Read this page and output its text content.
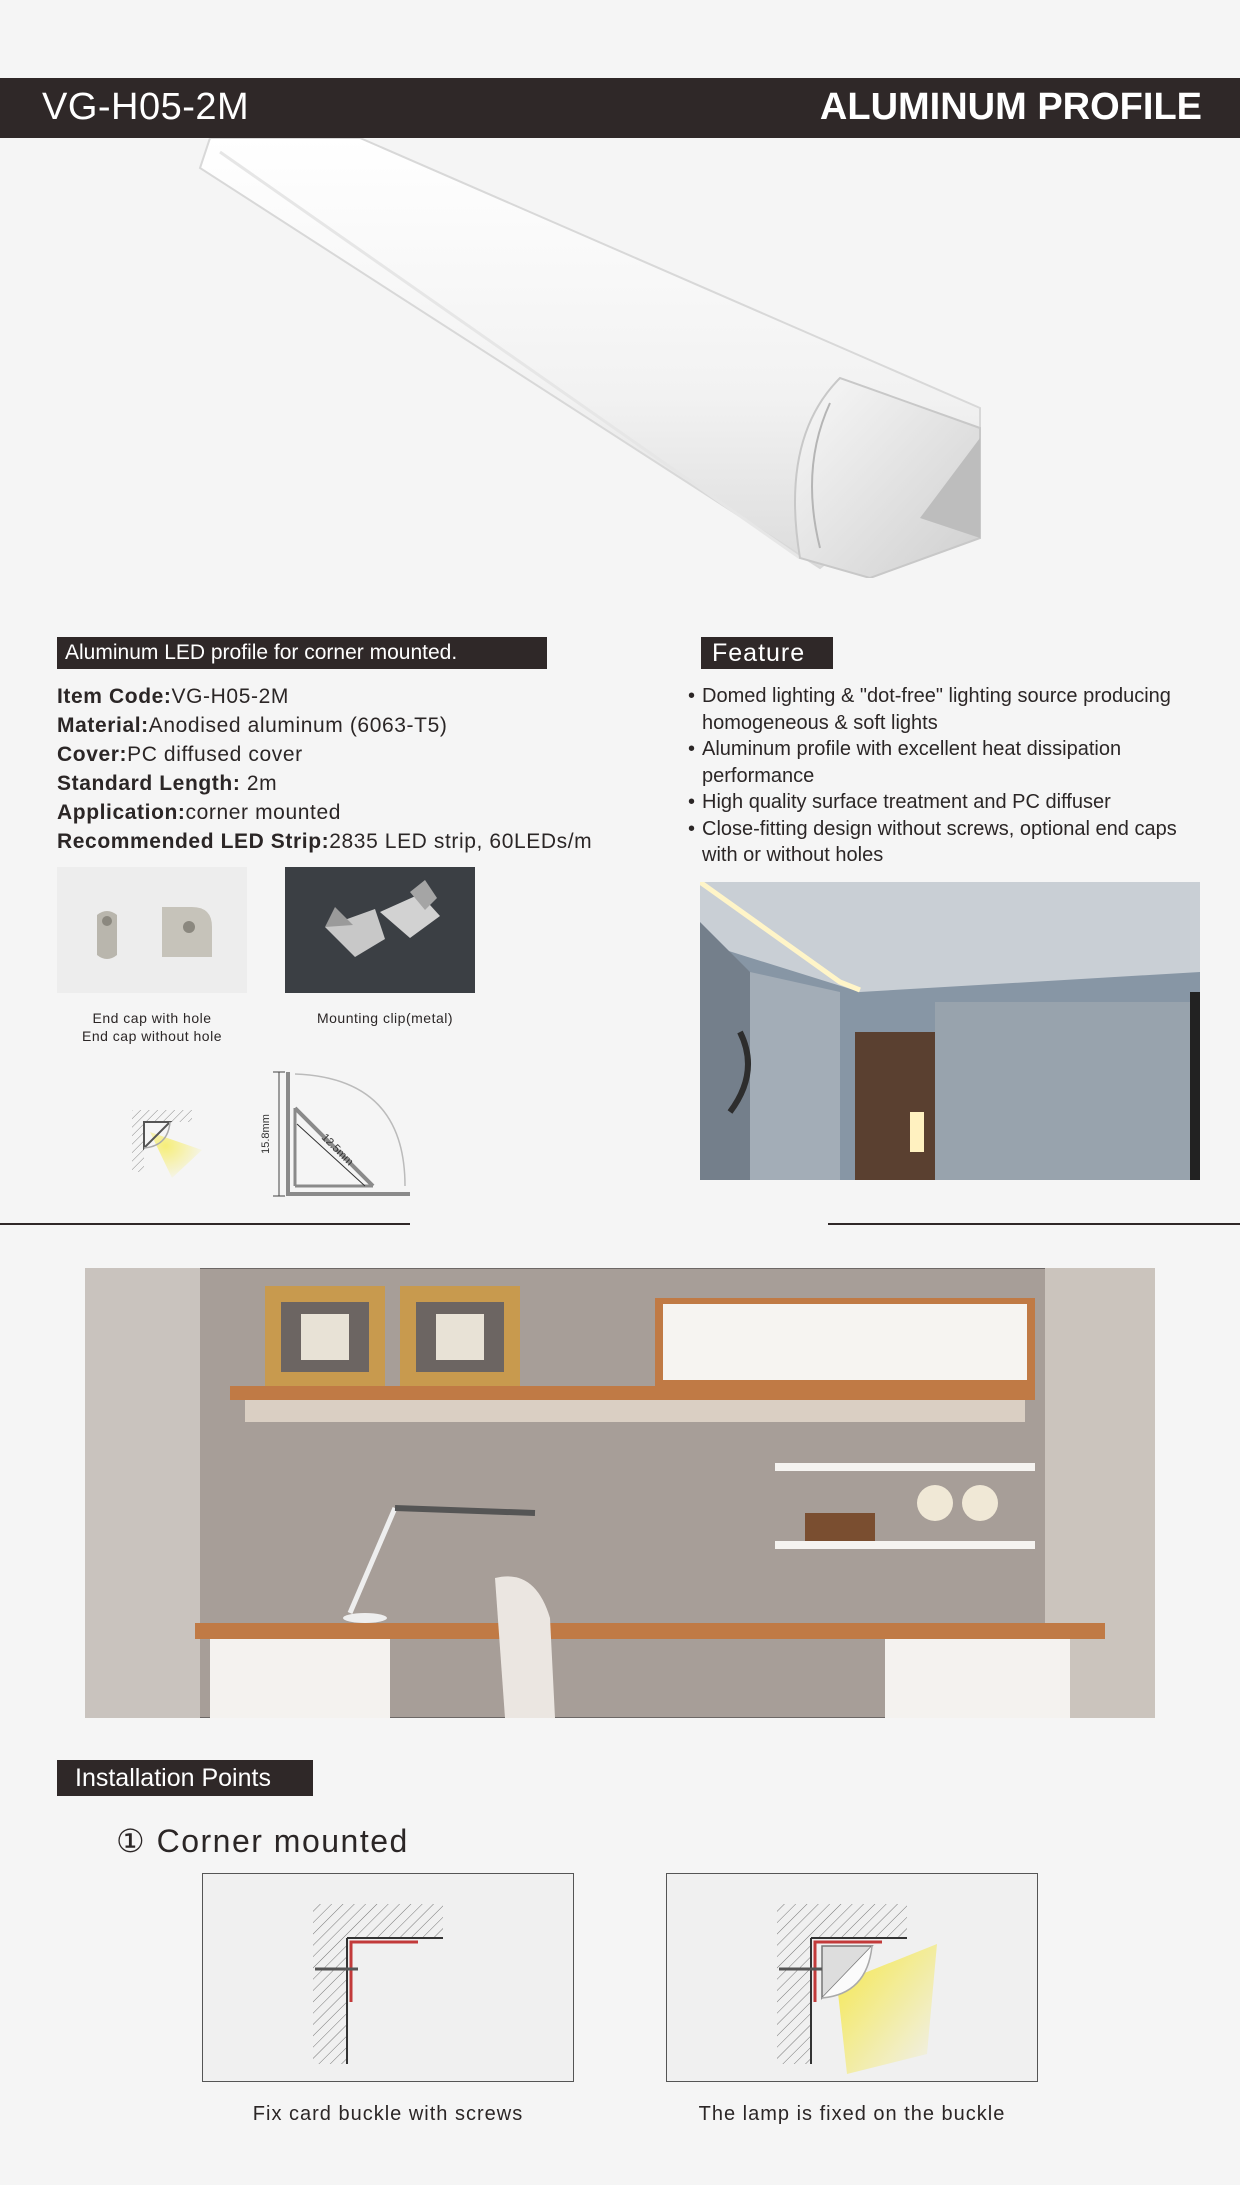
VG-H05-2M	ALUMINUM PROFILE
Aluminum LED profile for corner mounted.
Item Code:VG-H05-2M
Material:Anodised aluminum (6063-T5)
Cover:PC diffused cover
Standard Length: 2m
Application:corner mounted
Recommended LED Strip:2835 LED strip, 60LEDs/m
End cap with hole
End cap without hole
Mounting clip(metal)
15.8mm	12.5mm
Feature
• Domed lighting & "dot-free" lighting source producing homogeneous & soft lights
• Aluminum profile with excellent heat dissipation performance
• High quality surface treatment and PC diffuser
• Close-fitting design without screws, optional end caps with or without holes
Installation Points
① Corner mounted
Fix card buckle with screws	The lamp is fixed on the buckle
